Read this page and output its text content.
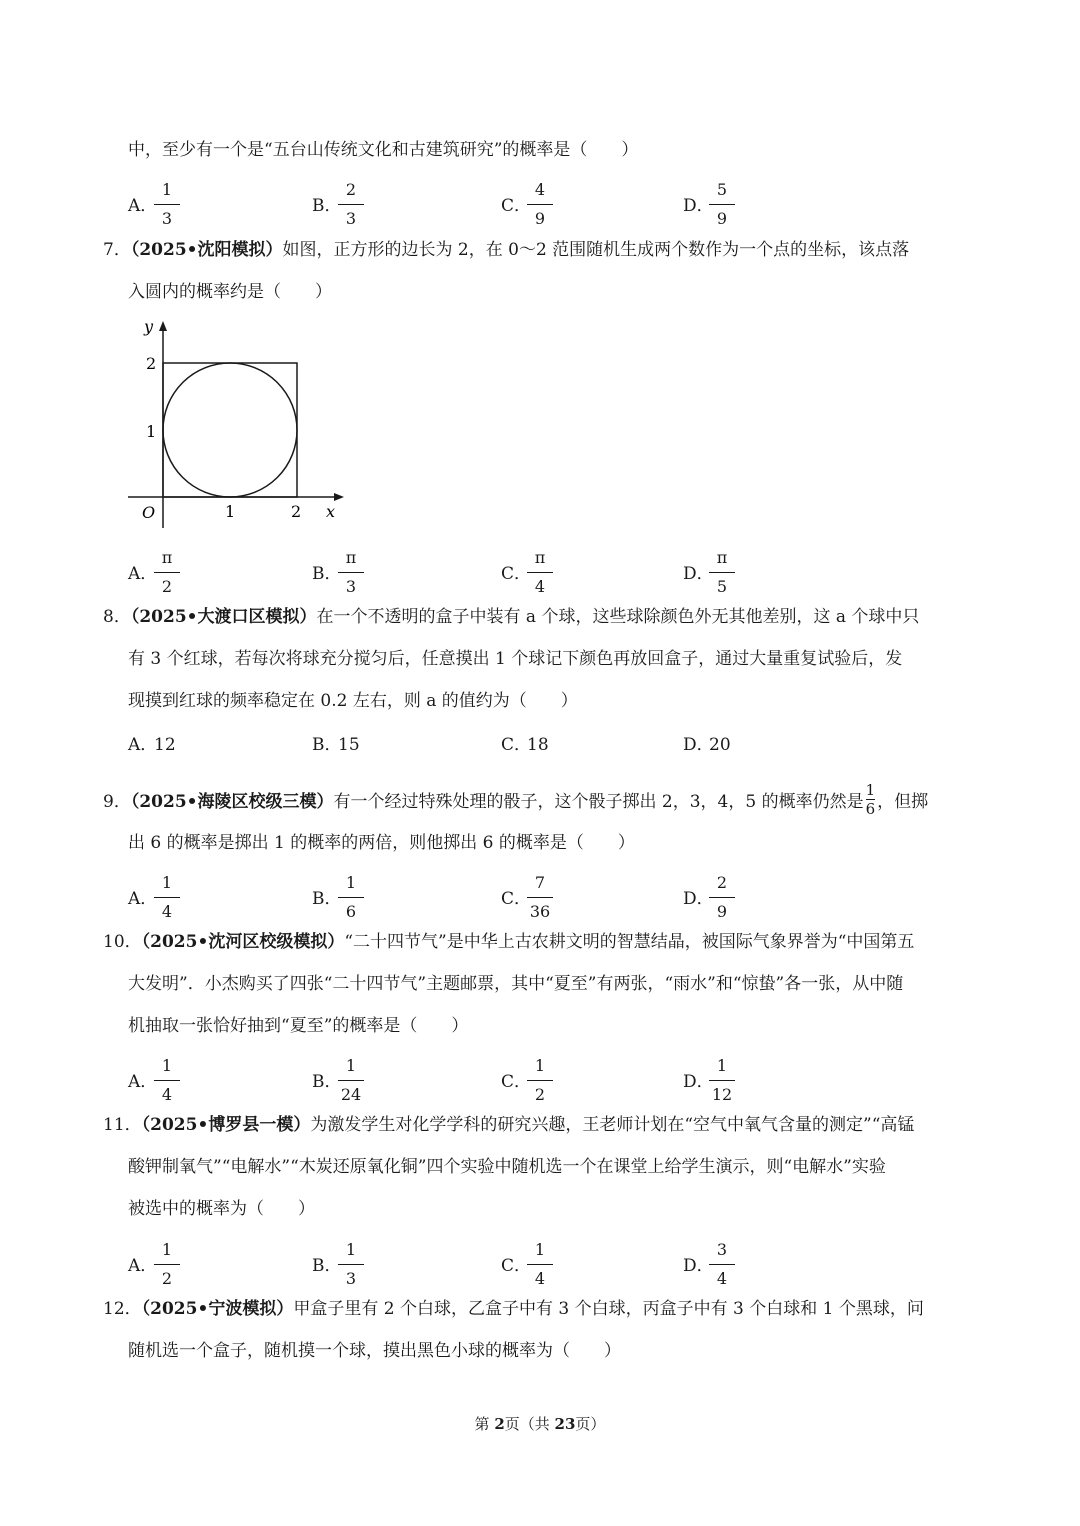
中，至少有一个是“五台山传统文化和古建筑研究”的概率是（　　）
A．
1
3
B．
2
3
C．
4
9
D．
5
9
7．（2025•沈阳模拟）如图，正方形的边长为 2，在 0～2 范围随机生成两个数作为一个点的坐标，该点落
入圆内的概率约是（　　）
y
2
1
O	1	2 x
A．
π
2
B．
π
3
C．
π
4
D．
π
5
8．（2025•大渡口区模拟）在一个不透明的盒子中装有 a 个球，这些球除颜色外无其他差别，这 a 个球中只
有 3 个红球，若每次将球充分搅匀后，任意摸出 1 个球记下颜色再放回盒子，通过大量重复试验后，发
现摸到红球的频率稳定在 0.2 左右，则 a 的值约为（　　）
A．
12	B．
15	C．
18	D．
20
9．（2025•海陵区校级三模）有一个经过特殊处理的骰子，这个骰子掷出 2，3，4，5 的概率仍然是 $\frac{1}{6}$ ，但掷
出 6 的概率是掷出 1 的概率的两倍，则他掷出 6 的概率是（　　）
A．
1
4
B．
1
6
C．
7
36
D．
2
9
10．（2025•沈河区校级模拟）“二十四节气”是中华上古农耕文明的智慧结晶，被国际气象界誉为“中国第五
大发明”．小杰购买了四张“二十四节气”主题邮票，其中“夏至”有两张，“雨水”和“惊蛰”各一张，从中随
机抽取一张恰好抽到“夏至”的概率是（　　）
A．
1
4
B．
1
24
C．
1
2
D．
1
12
11．（2025•博罗县一模）为激发学生对化学学科的研究兴趣，王老师计划在“空气中氧气含量的测定”“高锰
酸钾制氧气”“电解水”“木炭还原氧化铜”四个实验中随机选一个在课堂上给学生演示，则“电解水”实验
被选中的概率为（　　）
A．
1
2
B．
1
3
C．
1
4
D．
3
4
12．（2025•宁波模拟）甲盒子里有 2 个白球，乙盒子中有 3 个白球，丙盒子中有 3 个白球和 1 个黑球，问
随机选一个盒子，随机摸一个球，摸出黑色小球的概率为（　　）
第 2页（共 23页）
